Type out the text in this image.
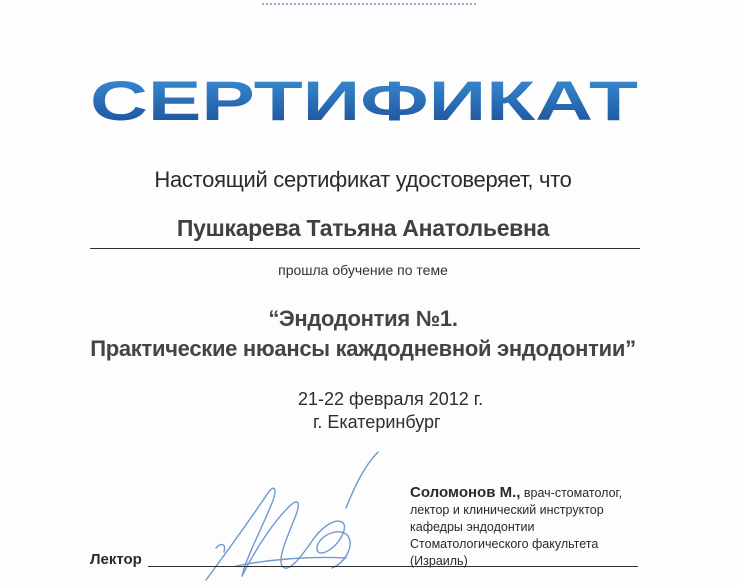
СЕРТИФИКАТ
Настоящий сертификат удостоверяет, что
Пушкарева Татьяна Анатольевна
прошла обучение по теме
“Эндодонтия №1.
Практические нюансы каждодневной эндодонтии”
21-22 февраля 2012 г.
г. Екатеринбург
Соломонов М., врач-стоматолог,
лектор и клинический инструктор
кафедры эндодонтии
Стоматологического факультета
(Израиль)
Лектор
